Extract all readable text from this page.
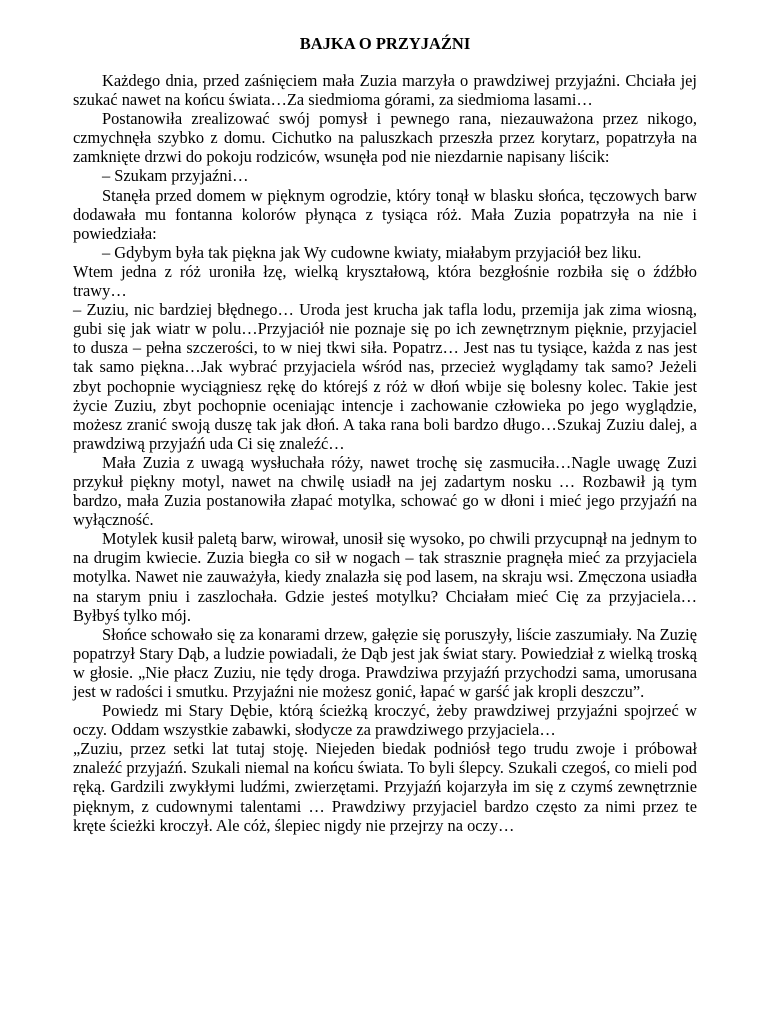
BAJKA O PRZYJAŹNI

Każdego dnia, przed zaśnięciem mała Zuzia marzyła o prawdziwej przyjaźni. Chciała jej szukać nawet na końcu świata…Za siedmioma górami, za siedmioma lasami…

Postanowiła zrealizować swój pomysł i pewnego rana, niezauważona przez nikogo, czmychnęła szybko z domu. Cichutko na paluszkach przeszła przez korytarz, popatrzyła na zamknięte drzwi do pokoju rodziców, wsunęła pod nie niezdarnie napisany liścik:

– Szukam przyjaźni…

Stanęła przed domem w pięknym ogrodzie, który tonął w blasku słońca, tęczowych barw dodawała mu fontanna kolorów płynąca z tysiąca róż. Mała Zuzia popatrzyła na nie i powiedziała:

– Gdybym była tak piękna jak Wy cudowne kwiaty, miałabym przyjaciół bez liku.

Wtem jedna z róż uroniła łzę, wielką kryształową, która bezgłośnie rozbiła się o źdźbło trawy…

– Zuziu, nic bardziej błędnego… Uroda jest krucha jak tafla lodu, przemija jak zima wiosną, gubi się jak wiatr w polu…Przyjaciół nie poznaje się po ich zewnętrznym pięknie, przyjaciel to dusza – pełna szczerości, to w niej tkwi siła. Popatrz… Jest nas tu tysiące, każda z nas jest tak samo piękna…Jak wybrać przyjaciela wśród nas, przecież wyglądamy tak samo? Jeżeli zbyt pochopnie wyciągniesz rękę do którejś z róż w dłoń wbije się bolesny kolec. Takie jest życie Zuziu, zbyt pochopnie oceniając intencje i zachowanie człowieka po jego wyglądzie, możesz zranić swoją duszę tak jak dłoń. A taka rana boli bardzo długo…Szukaj Zuziu dalej, a prawdziwą przyjaźń uda Ci się znaleźć…

Mała Zuzia z uwagą wysłuchała róży, nawet trochę się zasmuciła…Nagle uwagę Zuzi przykuł piękny motyl, nawet na chwilę usiadł na jej zadartym nosku … Rozbawił ją tym bardzo, mała Zuzia postanowiła złapać motylka, schować go w dłoni i mieć jego przyjaźń na wyłączność.

Motylek kusił paletą barw, wirował, unosił się wysoko, po chwili przycupnął na jednym to na drugim kwiecie. Zuzia biegła co sił w nogach – tak strasznie pragnęła mieć za przyjaciela motylka. Nawet nie zauważyła, kiedy znalazła się pod lasem, na skraju wsi. Zmęczona usiadła na starym pniu i zaszlochała. Gdzie jesteś motylku? Chciałam mieć Cię za przyjaciela…Byłbyś tylko mój.

Słońce schowało się za konarami drzew, gałęzie się poruszyły, liście zaszumiały. Na Zuzię popatrzył Stary Dąb, a ludzie powiadali, że Dąb jest jak świat stary. Powiedział z wielką troską w głosie. „Nie płacz Zuziu, nie tędy droga. Prawdziwa przyjaźń przychodzi sama, umorusana jest w radości i smutku. Przyjaźni nie możesz gonić, łapać w garść jak kropli deszczu”.

Powiedz mi Stary Dębie, którą ścieżką kroczyć, żeby prawdziwej przyjaźni spojrzeć w oczy. Oddam wszystkie zabawki, słodycze za prawdziwego przyjaciela…

„Zuziu, przez setki lat tutaj stoję. Niejeden biedak podniósł tego trudu zwoje i próbował znaleźć przyjaźń. Szukali niemal na końcu świata. To byli ślepcy. Szukali czegoś, co mieli pod ręką. Gardzili zwykłymi ludźmi, zwierzętami. Przyjaźń kojarzyła im się z czymś zewnętrznie pięknym, z cudownymi talentami … Prawdziwy przyjaciel bardzo często za nimi przez te kręte ścieżki kroczył. Ale cóż, ślepiec nigdy nie przejrzy na oczy…
